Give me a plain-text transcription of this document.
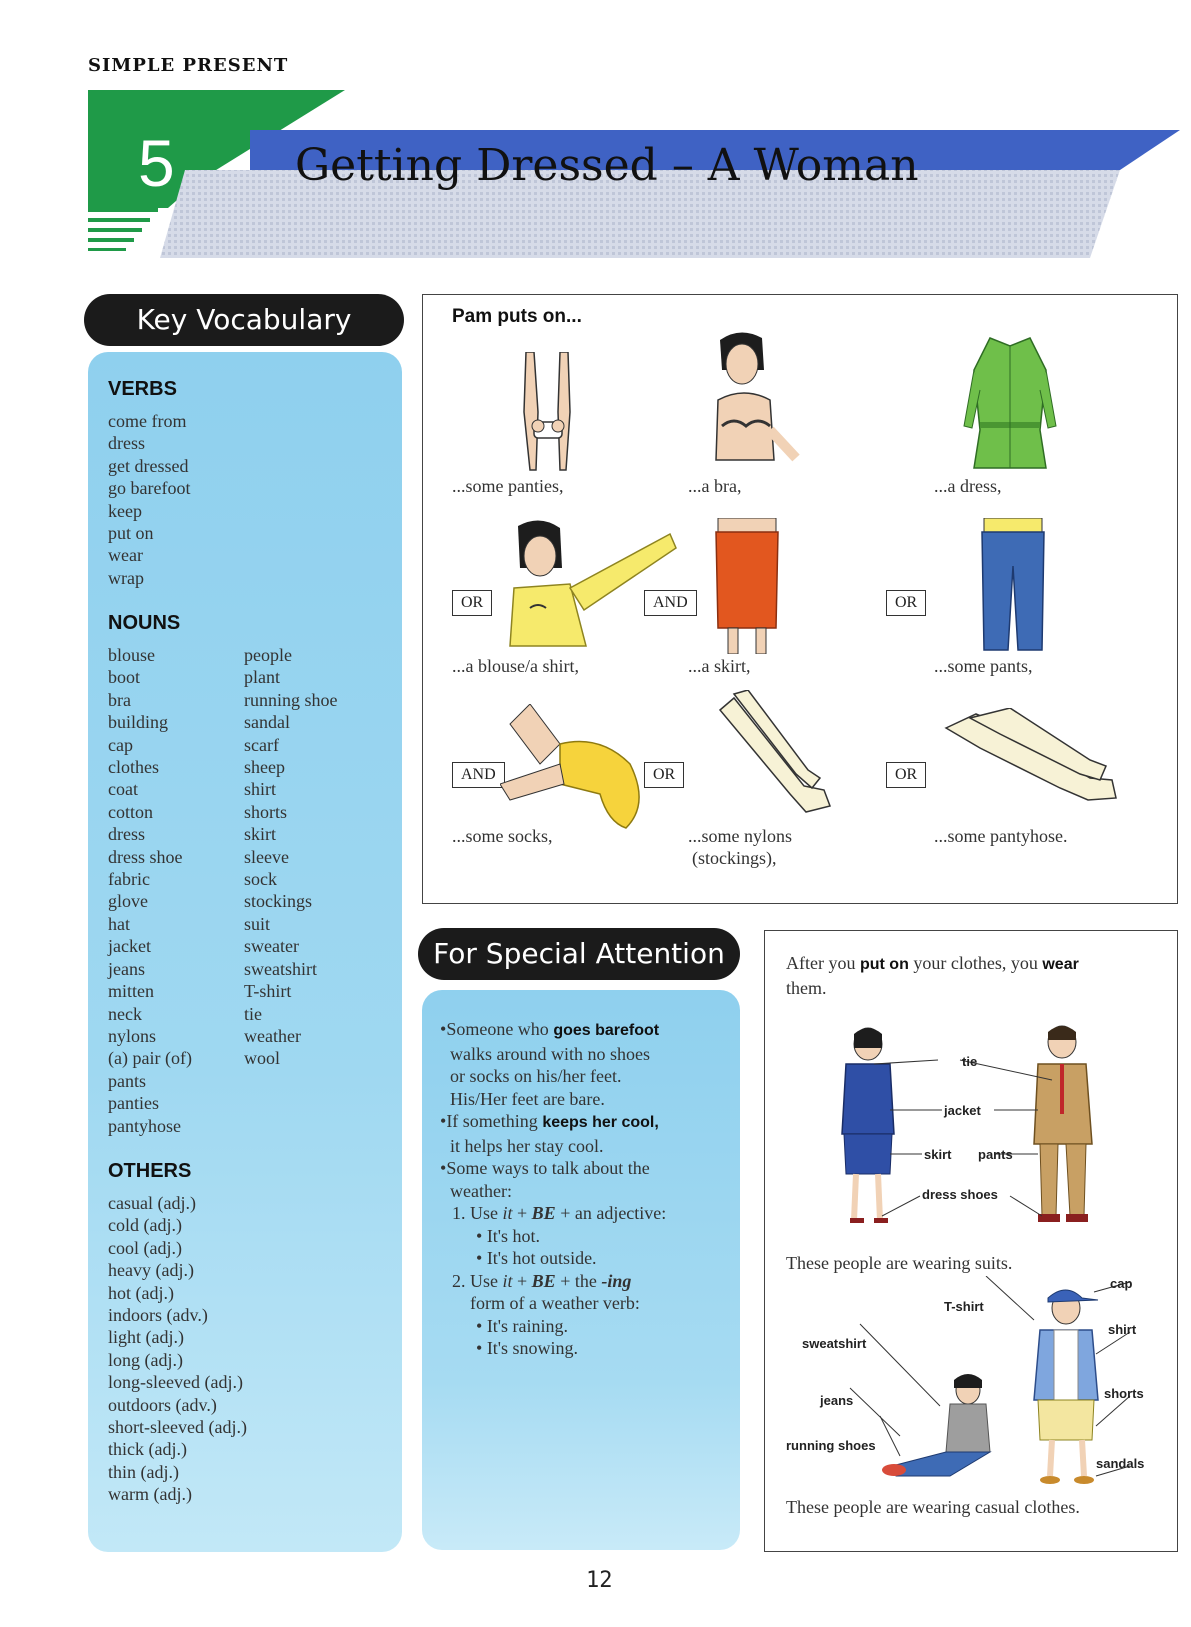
SIMPLE PRESENT
5	Getting Dressed – A Woman
Key Vocabulary
VERBS
come from
dress
get dressed
go barefoot
keep
put on
wear
wrap
NOUNS
blouse
boot
bra
building
cap
clothes
coat
cotton
dress
dress shoe
fabric
glove
hat
jacket
jeans
mitten
neck
nylons
(a) pair (of)
pants
panties
pantyhose
people
plant
running shoe
sandal
scarf
sheep
shirt
shorts
skirt
sleeve
sock
stockings
suit
sweater
sweatshirt
T-shirt
tie
weather
wool
OTHERS
casual (adj.)
cold (adj.)
cool (adj.)
heavy (adj.)
hot (adj.)
indoors (adv.)
light (adj.)
long (adj.)
long-sleeved (adj.)
outdoors (adv.)
short-sleeved (adj.)
thick (adj.)
thin (adj.)
warm (adj.)
Pam puts on...
...some panties,	...a bra,	...a dress,
OR	AND	OR
...a blouse/a shirt,	...a skirt,	...some pants,
AND	OR	OR
...some socks,	...some nylons
(stockings),
...some pantyhose.
For Special Attention
•Someone who goes barefoot
walks around with no shoes
or socks on his/her feet.
His/Her feet are bare.
•If something keeps her cool,
it helps her stay cool.
•Some ways to talk about the
weather:
1. Use it + BE + an adjective:
• It's hot.
• It's hot outside.
2. Use it + BE + the -ing
form of a weather verb:
• It's raining.
• It's snowing.
After you put on your clothes, you wear
them.
tie
jacket
skirt pants
dress shoes
These people are wearing suits.
cap
T-shirt
shirt
sweatshirt
jeans	shorts
running shoes
sandals
These people are wearing casual clothes.
12
